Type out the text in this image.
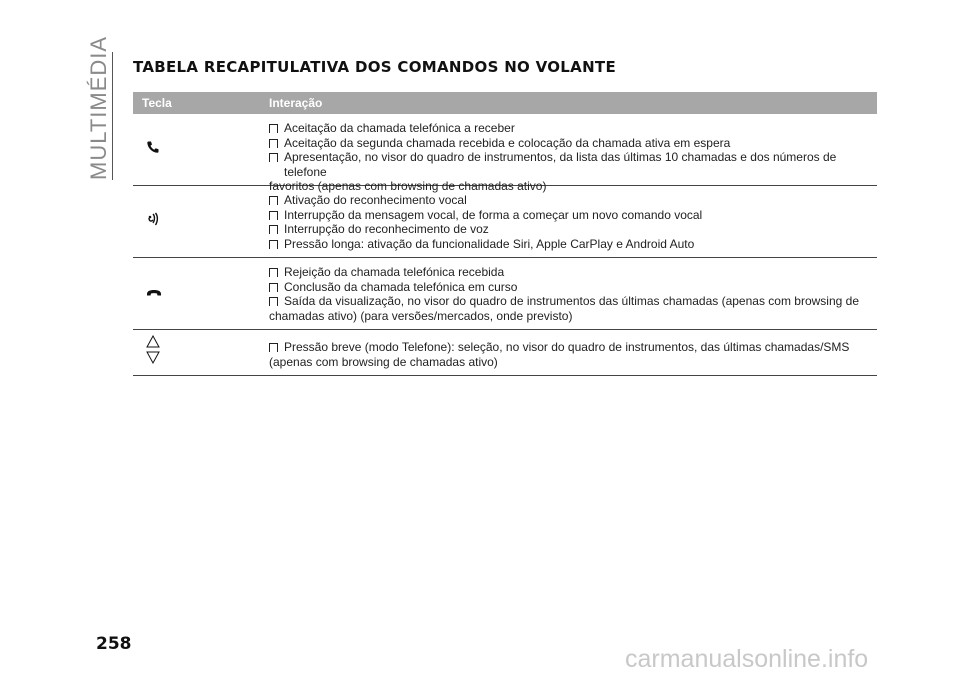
MULTIMÉDIA TABELA RECAPITULATIVA DOS COMANDOS NO VOLANTE
Tecla	Interação
Aceitação da chamada telefónica a receber
Aceitação da segunda chamada recebida e colocação da chamada ativa em espera
Apresentação, no visor do quadro de instrumentos, da lista das últimas 10 chamadas e dos números de telefone
favoritos (apenas com browsing de chamadas ativo)
Ativação do reconhecimento vocal
Interrupção da mensagem vocal, de forma a começar um novo comando vocal
Interrupção do reconhecimento de voz
Pressão longa: ativação da funcionalidade Siri, Apple CarPlay e Android Auto
Rejeição da chamada telefónica recebida
Conclusão da chamada telefónica em curso
Saída da visualização, no visor do quadro de instrumentos das últimas chamadas (apenas com browsing de
chamadas ativo) (para versões/mercados, onde previsto)
Pressão breve (modo Telefone): seleção, no visor do quadro de instrumentos, das últimas chamadas/SMS
(apenas com browsing de chamadas ativo)
258
carmanualsonline.info
